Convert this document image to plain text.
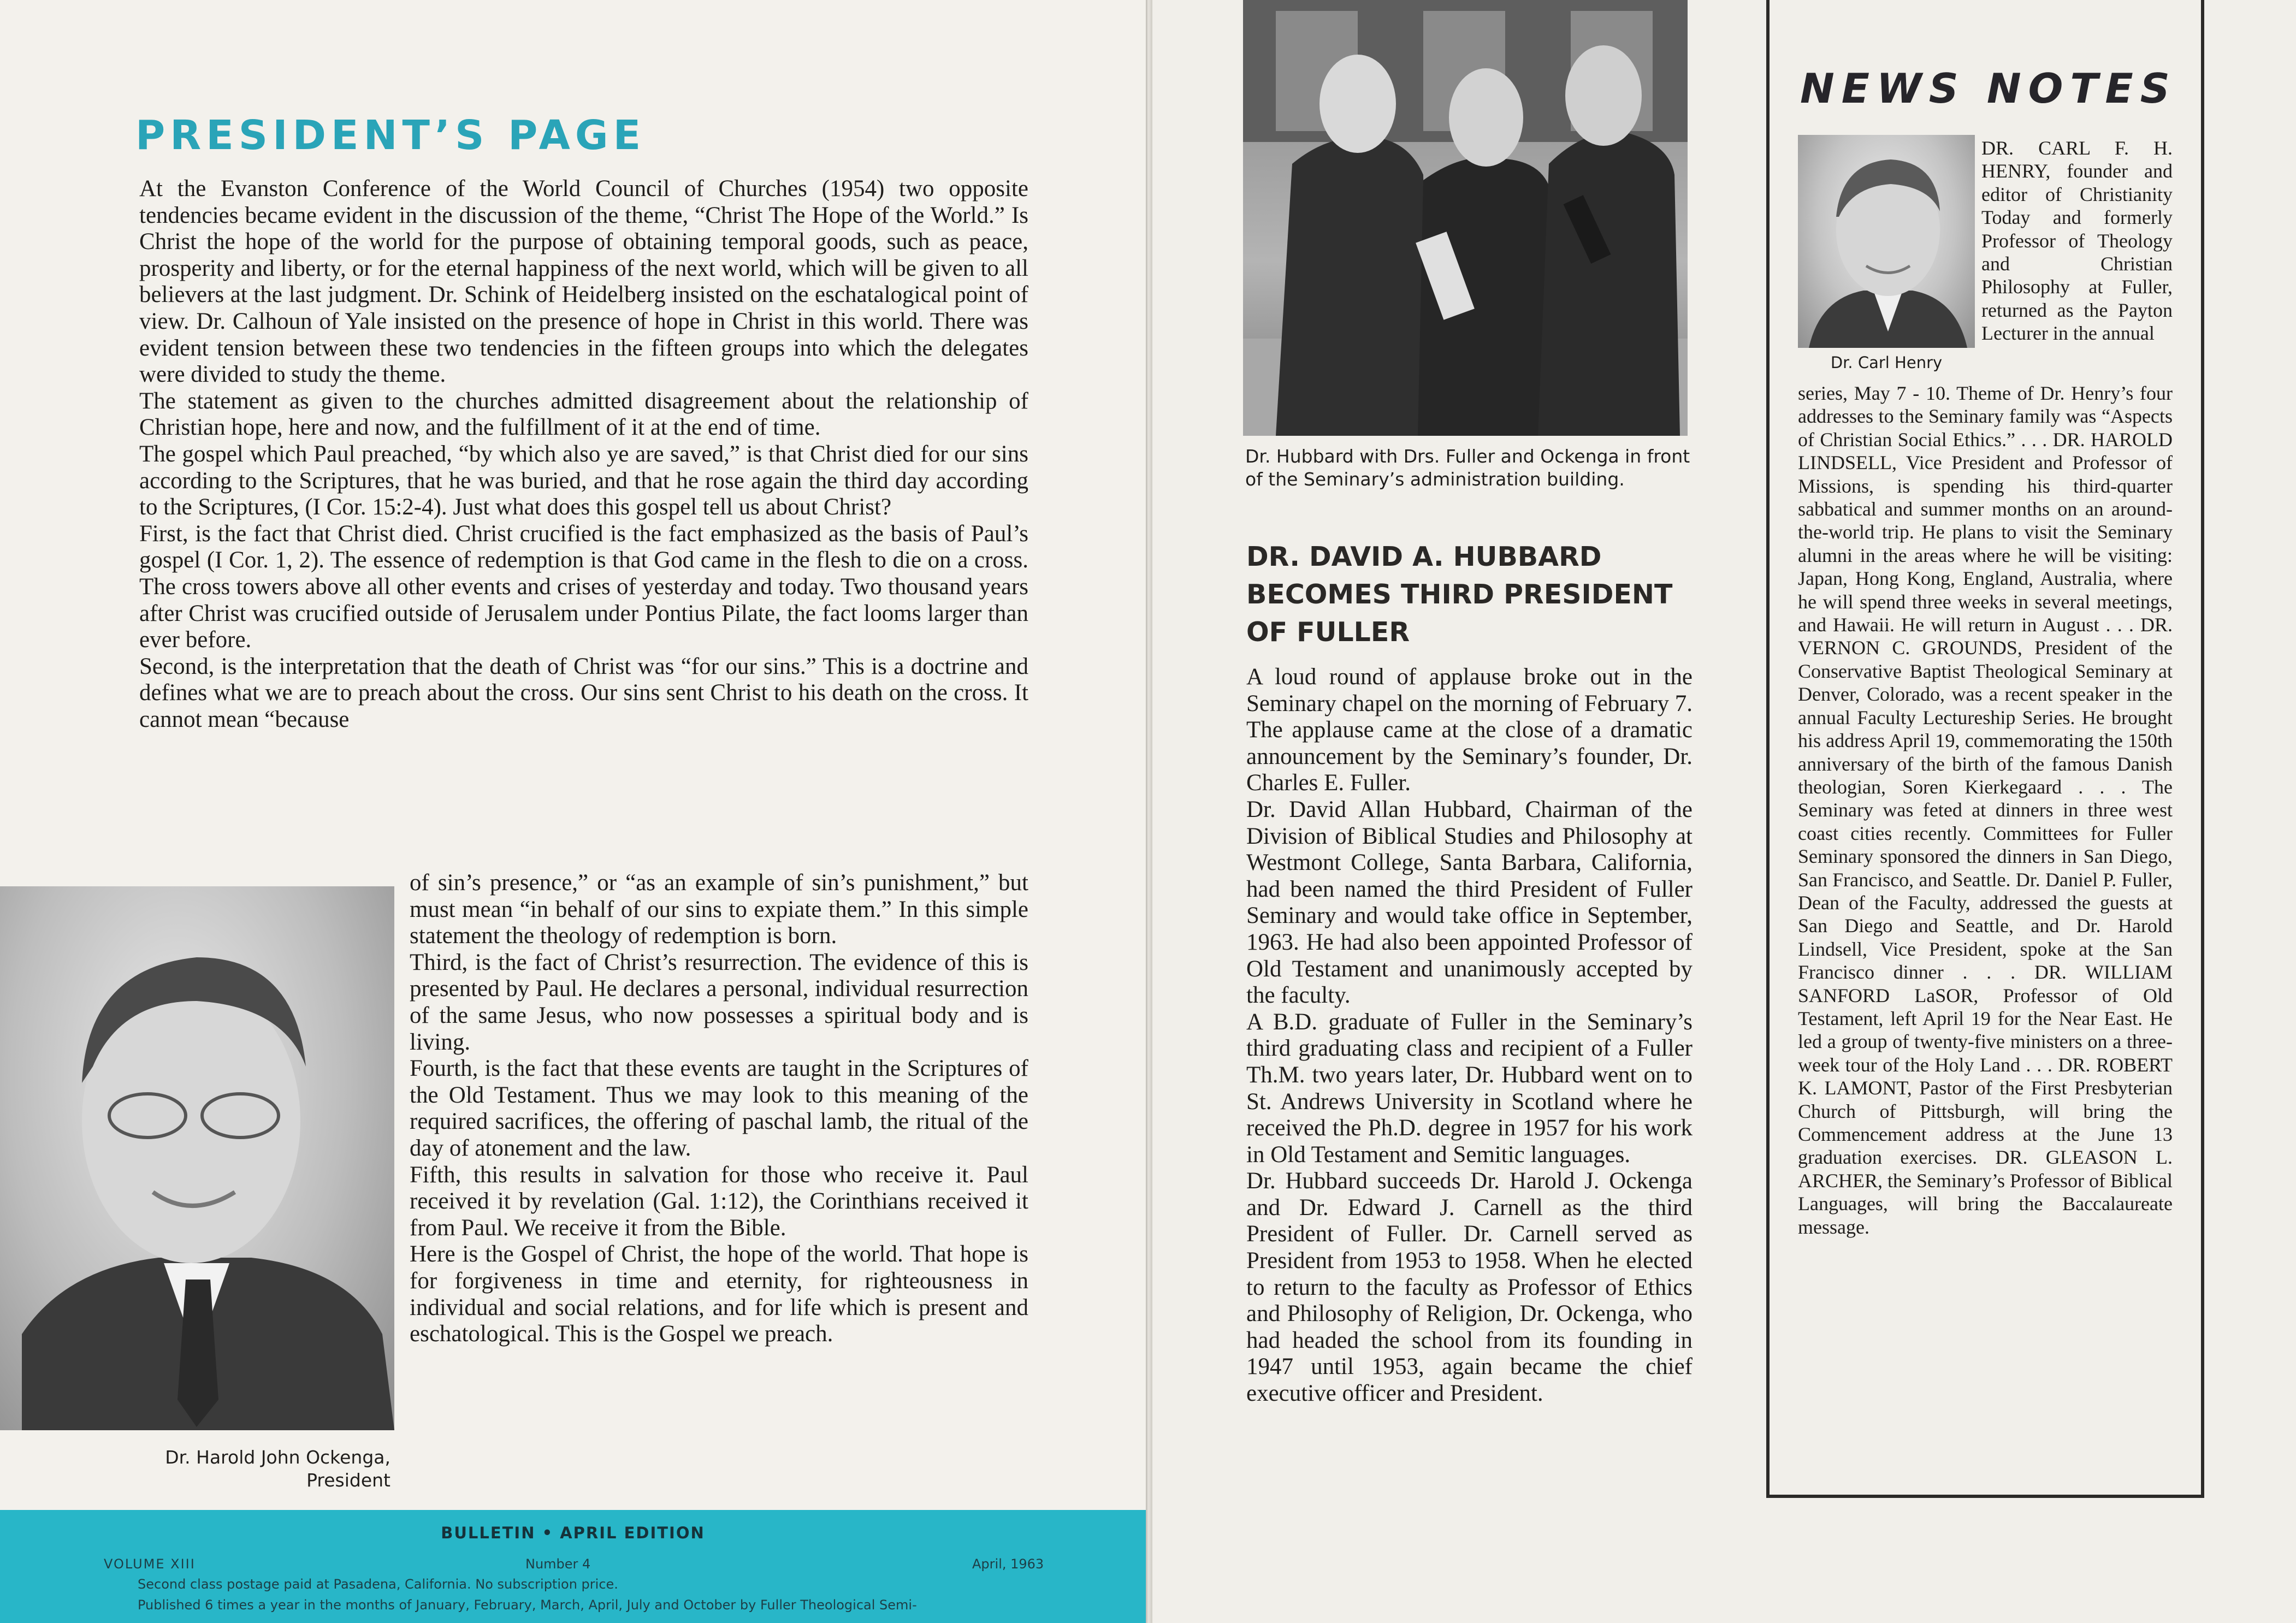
PRESIDENT’S PAGE

At the Evanston Conference of the World Council of Churches (1954) two opposite tendencies became evident in the discussion of the theme, “Christ The Hope of the World.” Is Christ the hope of the world for the purpose of obtaining temporal goods, such as peace, prosperity and liberty, or for the eternal happiness of the next world, which will be given to all believers at the last judgment. Dr. Schink of Heidelberg insisted on the eschatalogical point of view. Dr. Calhoun of Yale insisted on the presence of hope in Christ in this world. There was evident tension between these two tendencies in the fifteen groups into which the delegates were divided to study the theme.

The statement as given to the churches admitted disagreement about the relationship of Christian hope, here and now, and the fulfillment of it at the end of time.

The gospel which Paul preached, “by which also ye are saved,” is that Christ died for our sins according to the Scriptures, that he was buried, and that he rose again the third day according to the Scriptures, (I Cor. 15:2-4). Just what does this gospel tell us about Christ?

First, is the fact that Christ died. Christ crucified is the fact emphasized as the basis of Paul’s gospel (I Cor. 1, 2). The essence of redemption is that God came in the flesh to die on a cross. The cross towers above all other events and crises of yesterday and today. Two thousand years after Christ was crucified outside of Jerusalem under Pontius Pilate, the fact looms larger than ever before.

Second, is the interpretation that the death of Christ was “for our sins.” This is a doctrine and defines what we are to preach about the cross. Our sins sent Christ to his death on the cross. It cannot mean “because

of sin’s presence,” or “as an example of sin’s punishment,” but must mean “in behalf of our sins to expiate them.” In this simple statement the theology of redemption is born.

Third, is the fact of Christ’s resurrection. The evidence of this is presented by Paul. He declares a personal, individual resurrection of the same Jesus, who now possesses a spiritual body and is living.

Fourth, is the fact that these events are taught in the Scriptures of the Old Testament. Thus we may look to this meaning of the required sacrifices, the offering of paschal lamb, the ritual of the day of atonement and the law.

Fifth, this results in salvation for those who receive it. Paul received it by revelation (Gal. 1:12), the Corinthians received it from Paul. We receive it from the Bible.

Here is the Gospel of Christ, the hope of the world. That hope is for forgiveness in time and eternity, for righteousness in individual and social relations, and for life which is present and eschatological. This is the Gospel we preach.

Dr. Harold John Ockenga,
President
BULLETIN • APRIL EDITION
VOLUME XIII	Number 4	April, 1963
Second class postage paid at Pasadena, California. No subscription price.
Published 6 times a year in the months of January, February, March, April, July and October by Fuller Theological Semi-
Dr. Hubbard with Drs. Fuller and Ockenga in front of the Seminary’s administration building.
DR. DAVID A. HUBBARD
BECOMES THIRD PRESIDENT
OF FULLER

A loud round of applause broke out in the Seminary chapel on the morning of February 7. The applause came at the close of a dramatic announcement by the Seminary’s founder, Dr. Charles E. Fuller.

Dr. David Allan Hubbard, Chairman of the Division of Biblical Studies and Philosophy at Westmont College, Santa Barbara, California, had been named the third President of Fuller Seminary and would take office in September, 1963. He had also been appointed Professor of Old Testament and unanimously accepted by the faculty.

A B.D. graduate of Fuller in the Seminary’s third graduating class and recipient of a Fuller Th.M. two years later, Dr. Hubbard went on to St. Andrews University in Scotland where he received the Ph.D. degree in 1957 for his work in Old Testament and Semitic languages.

Dr. Hubbard succeeds Dr. Harold J. Ockenga and Dr. Edward J. Carnell as the third President of Fuller. Dr. Carnell served as President from 1953 to 1958. When he elected to return to the faculty as Professor of Ethics and Philosophy of Religion, Dr. Ockenga, who had headed the school from its founding in 1947 until 1953, again became the chief executive officer and President.

NEWS NOTES
Dr. Carl Henry

DR. CARL F. H. HENRY, founder and editor of Christianity Today and formerly Professor of Theology and Christian Philosophy at Fuller, returned as the Payton Lecturer in the annual

series, May 7 - 10. Theme of Dr. Henry’s four addresses to the Seminary family was “Aspects of Christian Social Ethics.” . . . DR. HAROLD LINDSELL, Vice President and Professor of Missions, is spending his third-quarter sabbatical and summer months on an around-the-world trip. He plans to visit the Seminary alumni in the areas where he will be visiting: Japan, Hong Kong, England, Australia, where he will spend three weeks in several meetings, and Hawaii. He will return in August . . . DR. VERNON C. GROUNDS, President of the Conservative Baptist Theological Seminary at Denver, Colorado, was a recent speaker in the annual Faculty Lectureship Series. He brought his address April 19, commemorating the 150th anniversary of the birth of the famous Danish theologian, Soren Kierkegaard . . . The Seminary was feted at dinners in three west coast cities recently. Committees for Fuller Seminary sponsored the dinners in San Diego, San Francisco, and Seattle. Dr. Daniel P. Fuller, Dean of the Faculty, addressed the guests at San Diego and Seattle, and Dr. Harold Lindsell, Vice President, spoke at the San Francisco dinner . . . DR. WILLIAM SANFORD LaSOR, Professor of Old Testament, left April 19 for the Near East. He led a group of twenty-five ministers on a three-week tour of the Holy Land . . . DR. ROBERT K. LAMONT, Pastor of the First Presbyterian Church of Pittsburgh, will bring the Commencement address at the June 13 graduation exercises. DR. GLEASON L. ARCHER, the Seminary’s Professor of Biblical Languages, will bring the Baccalaureate message.
